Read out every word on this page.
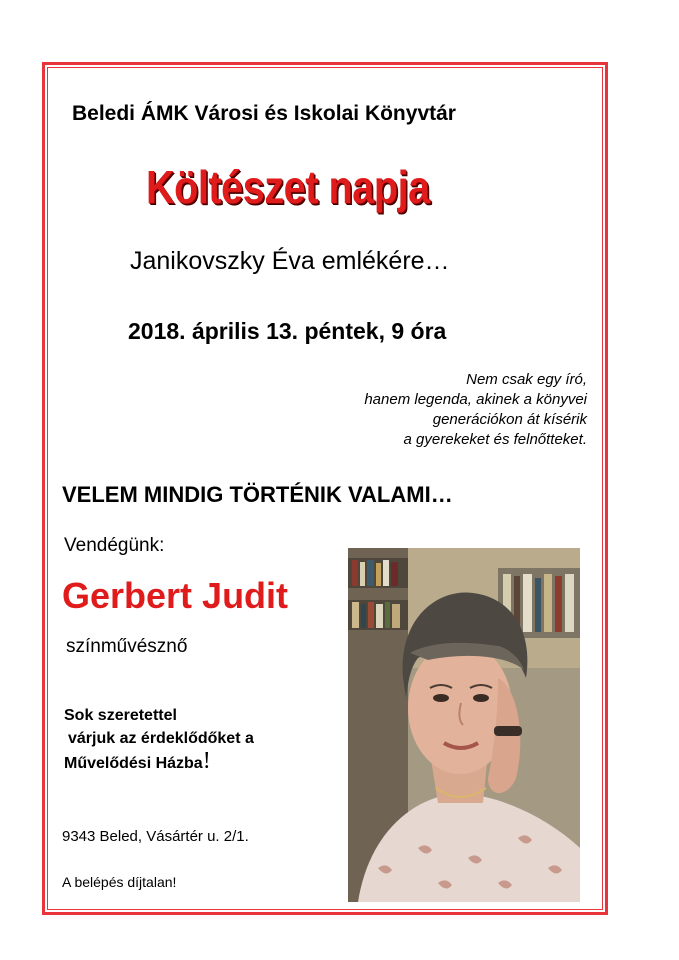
Beledi ÁMK Városi és Iskolai Könyvtár
Költészet napja
Janikovszky Éva emlékére…
2018. április 13. péntek, 9 óra
Nem csak egy író,
hanem legenda, akinek a könyvei
generációkon át kísérik
a gyerekeket és felnőtteket.
VELEM MINDIG TÖRTÉNIK VALAMI…
Vendégünk:
Gerbert Judit
színművésznő
Sok szeretettel
várjuk az érdeklődőket a
Művelődési Házba!
9343 Beled, Vásártér u. 2/1.
A belépés díjtalan!
